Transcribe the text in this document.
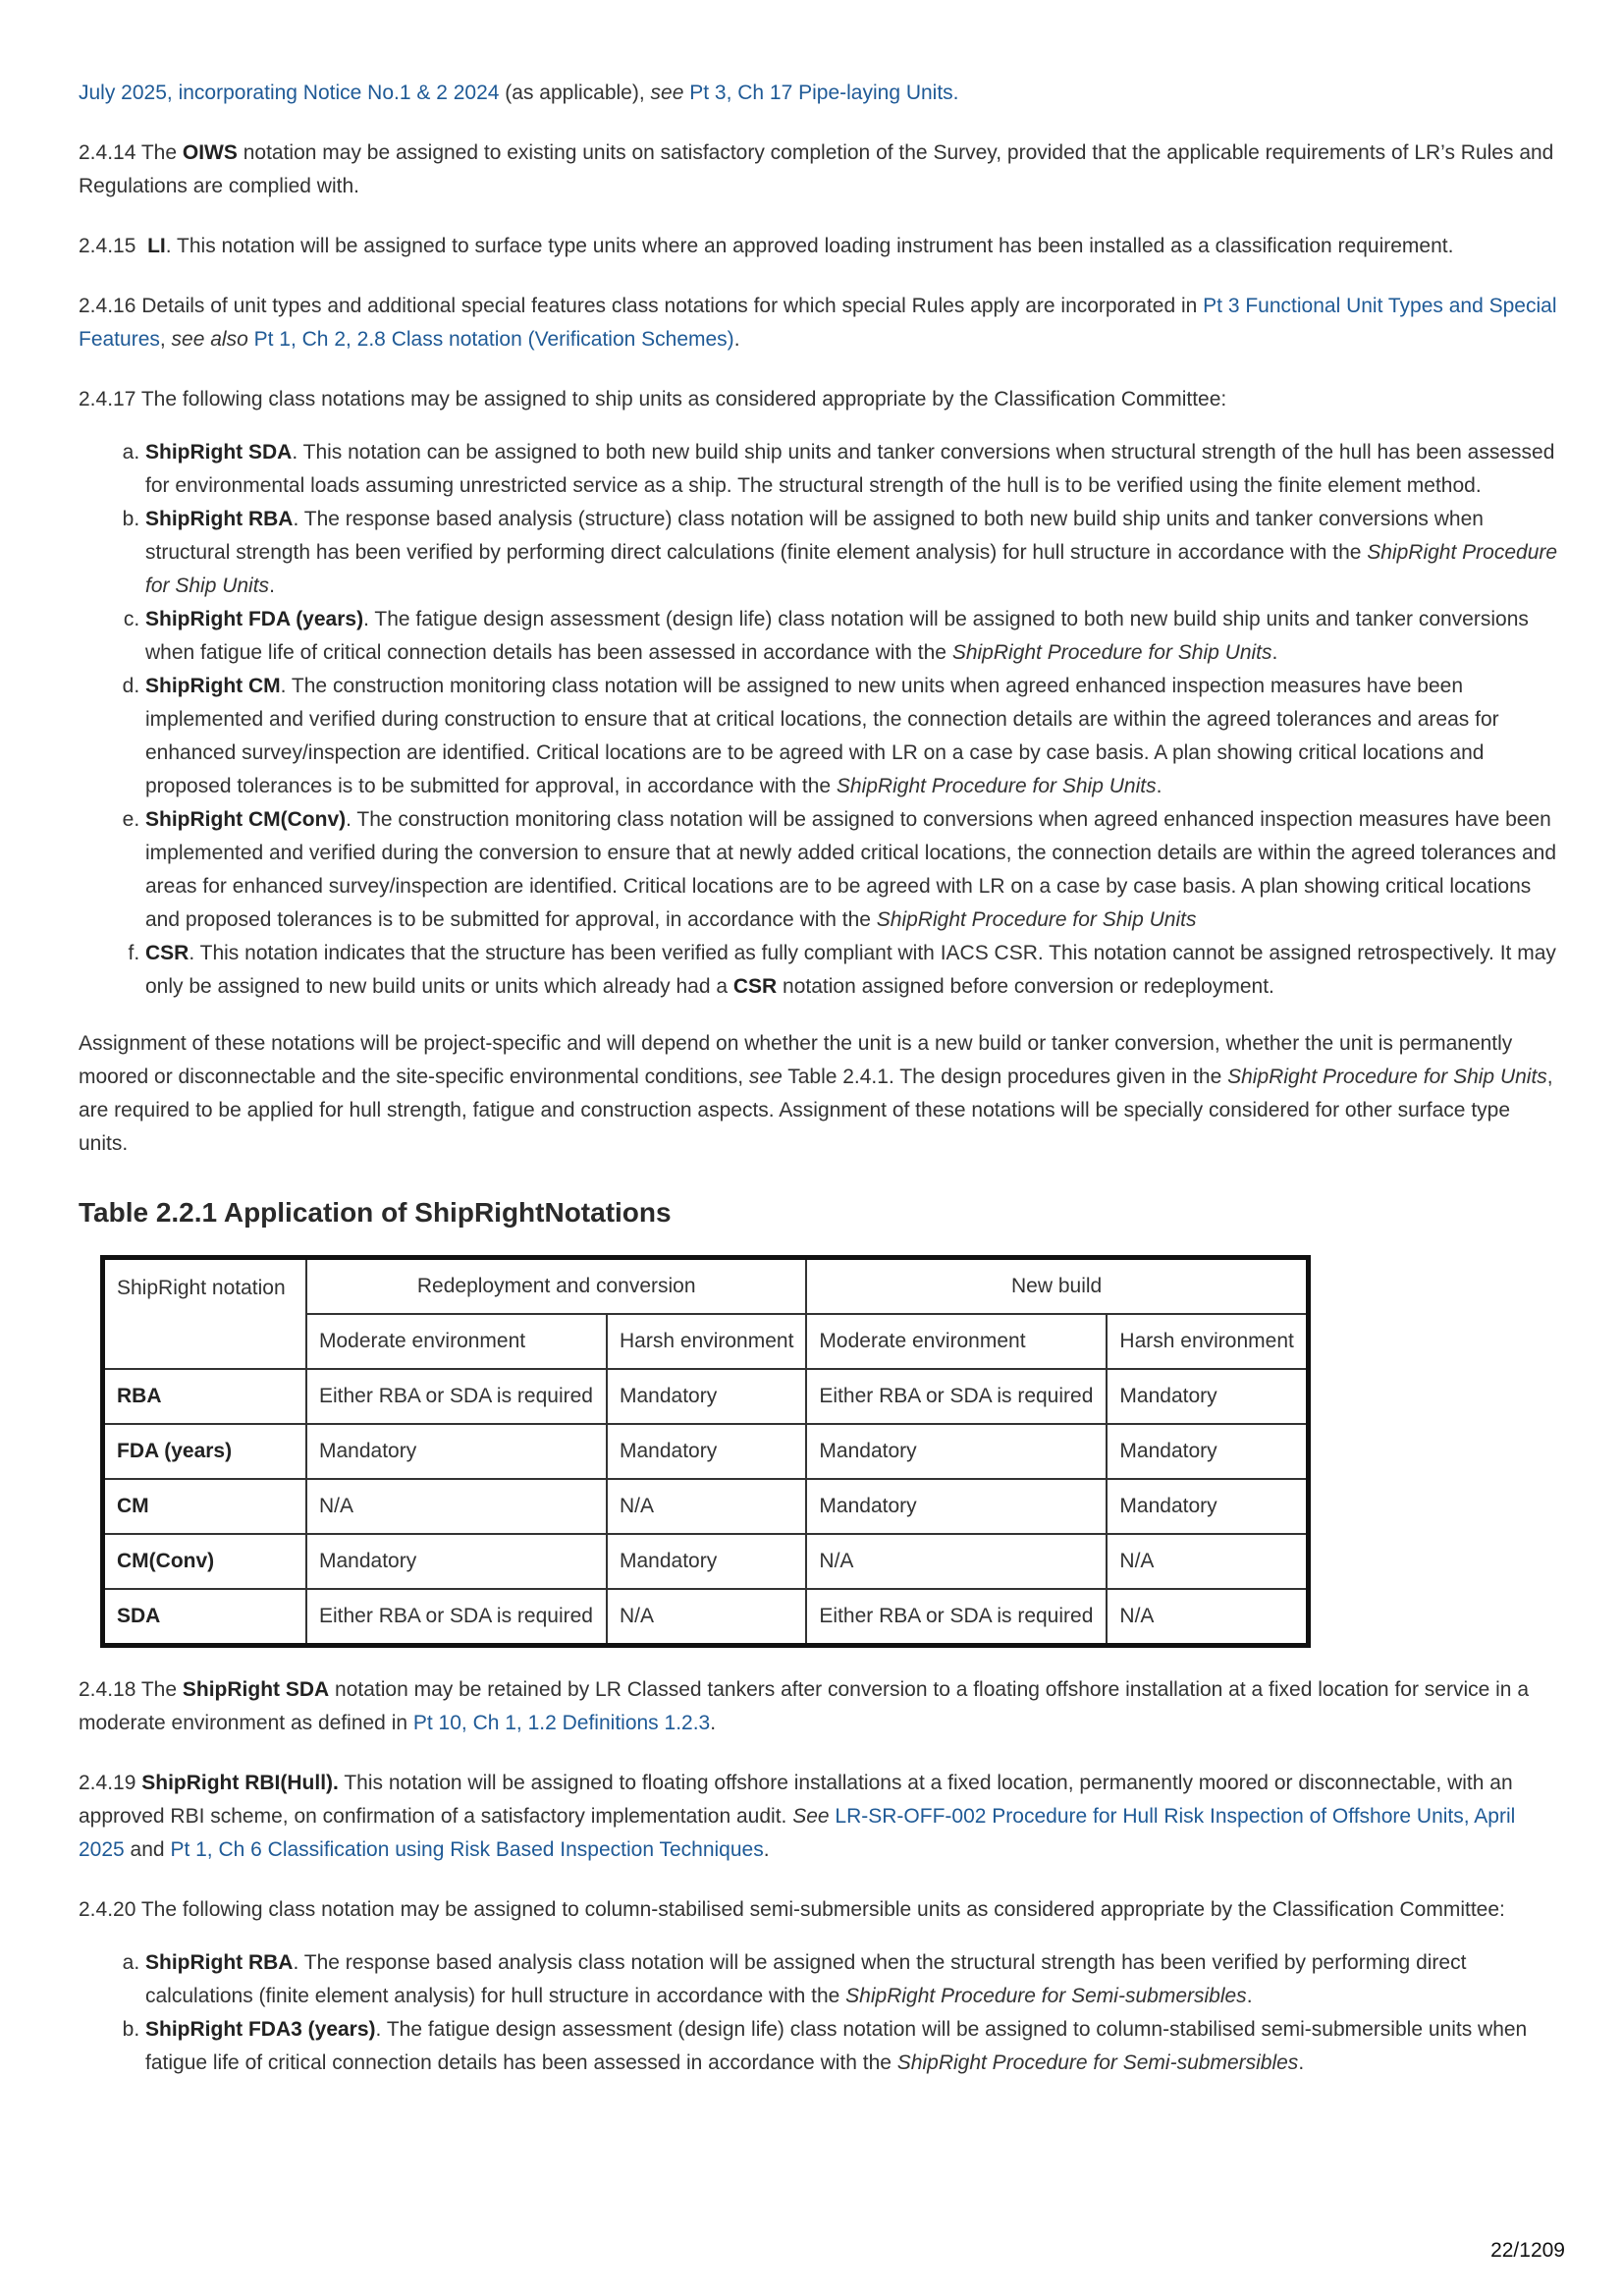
July 2025, incorporating Notice No.1 & 2 2024 (as applicable), see Pt 3, Ch 17 Pipe-laying Units.

2.4.14 The OIWS notation may be assigned to existing units on satisfactory completion of the Survey, provided that the applicable requirements of LR’s Rules and Regulations are complied with.

2.4.15  LI. This notation will be assigned to surface type units where an approved loading instrument has been installed as a classification requirement.

2.4.16 Details of unit types and additional special features class notations for which special Rules apply are incorporated in Pt 3 Functional Unit Types and Special Features, see also Pt 1, Ch 2, 2.8 Class notation (Verification Schemes).

2.4.17 The following class notations may be assigned to ship units as considered appropriate by the Classification Committee:

a. ShipRight SDA. This notation can be assigned to both new build ship units and tanker conversions when structural strength of the hull has been assessed for environmental loads assuming unrestricted service as a ship. The structural strength of the hull is to be verified using the finite element method.
b. ShipRight RBA. The response based analysis (structure) class notation will be assigned to both new build ship units and tanker conversions when structural strength has been verified by performing direct calculations (finite element analysis) for hull structure in accordance with the ShipRight Procedure for Ship Units.
c. ShipRight FDA (years). The fatigue design assessment (design life) class notation will be assigned to both new build ship units and tanker conversions when fatigue life of critical connection details has been assessed in accordance with the ShipRight Procedure for Ship Units.
d. ShipRight CM. The construction monitoring class notation will be assigned to new units when agreed enhanced inspection measures have been implemented and verified during construction to ensure that at critical locations, the connection details are within the agreed tolerances and areas for enhanced survey/inspection are identified. Critical locations are to be agreed with LR on a case by case basis. A plan showing critical locations and proposed tolerances is to be submitted for approval, in accordance with the ShipRight Procedure for Ship Units.
e. ShipRight CM(Conv). The construction monitoring class notation will be assigned to conversions when agreed enhanced inspection measures have been implemented and verified during the conversion to ensure that at newly added critical locations, the connection details are within the agreed tolerances and areas for enhanced survey/inspection are identified. Critical locations are to be agreed with LR on a case by case basis. A plan showing critical locations and proposed tolerances is to be submitted for approval, in accordance with the ShipRight Procedure for Ship Units
f. CSR. This notation indicates that the structure has been verified as fully compliant with IACS CSR. This notation cannot be assigned retrospectively. It may only be assigned to new build units or units which already had a CSR notation assigned before conversion or redeployment.

Assignment of these notations will be project-specific and will depend on whether the unit is a new build or tanker conversion, whether the unit is permanently moored or disconnectable and the site-specific environmental conditions, see Table 2.4.1. The design procedures given in the ShipRight Procedure for Ship Units, are required to be applied for hull strength, fatigue and construction aspects. Assignment of these notations will be specially considered for other surface type units.

Table 2.2.1 Application of ShipRightNotations
ShipRight notation	Redeployment and conversion		New build	
	Moderate environment	Harsh environment	Moderate environment	Harsh environment
RBA	Either RBA or SDA is required	Mandatory	Either RBA or SDA is required	Mandatory
FDA (years)	Mandatory	Mandatory	Mandatory	Mandatory
CM	N/A	N/A	Mandatory	Mandatory
CM(Conv)	Mandatory	Mandatory	N/A	N/A
SDA	Either RBA or SDA is required	N/A	Either RBA or SDA is required	N/A

2.4.18 The ShipRight SDA notation may be retained by LR Classed tankers after conversion to a floating offshore installation at a fixed location for service in a moderate environment as defined in Pt 10, Ch 1, 1.2 Definitions 1.2.3.

2.4.19 ShipRight RBI(Hull). This notation will be assigned to floating offshore installations at a fixed location, permanently moored or disconnectable, with an approved RBI scheme, on confirmation of a satisfactory implementation audit. See LR-SR-OFF-002 Procedure for Hull Risk Inspection of Offshore Units, April 2025 and Pt 1, Ch 6 Classification using Risk Based Inspection Techniques.

2.4.20 The following class notation may be assigned to column-stabilised semi-submersible units as considered appropriate by the Classification Committee:

a. ShipRight RBA. The response based analysis class notation will be assigned when the structural strength has been verified by performing direct calculations (finite element analysis) for hull structure in accordance with the ShipRight Procedure for Semi-submersibles.
b. ShipRight FDA3 (years). The fatigue design assessment (design life) class notation will be assigned to column-stabilised semi-submersible units when fatigue life of critical connection details has been assessed in accordance with the ShipRight Procedure for Semi-submersibles.
22/1209
